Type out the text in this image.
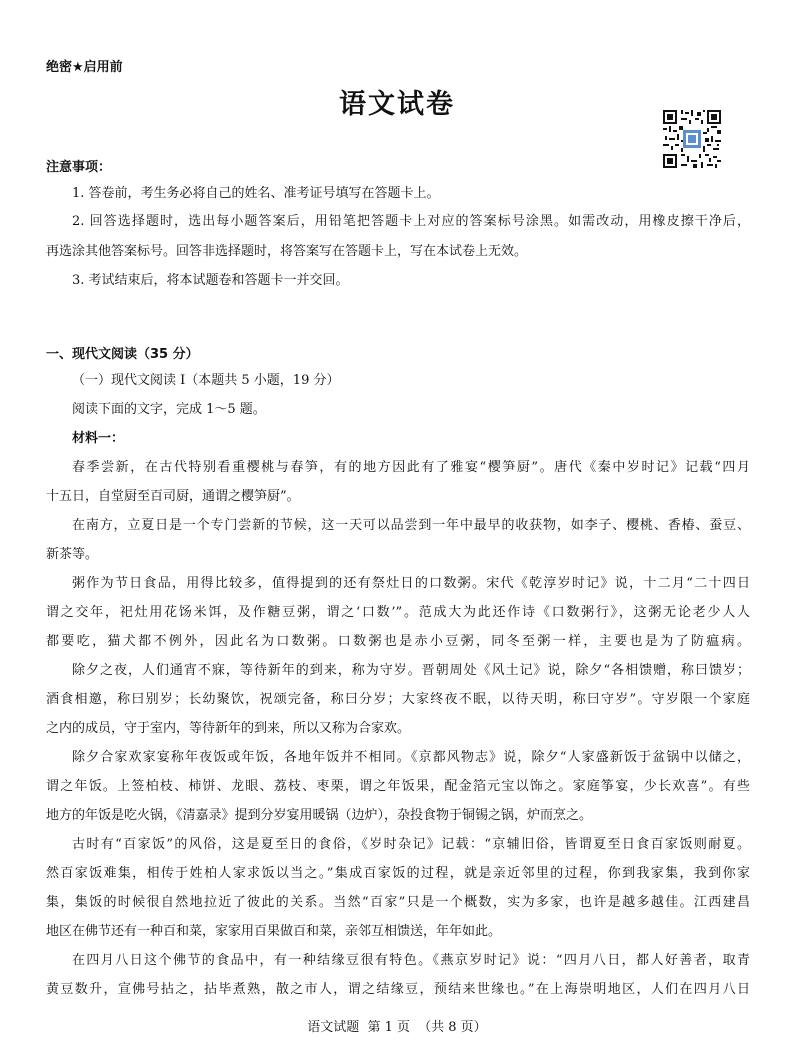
绝密★启用前
语文试卷
注意事项：
1. 答卷前，考生务必将自己的姓名、准考证号填写在答题卡上。
2. 回答选择题时，选出每小题答案后，用铅笔把答题卡上对应的答案标号涂黑。如需改动，用橡皮擦干净后，
再选涂其他答案标号。回答非选择题时，将答案写在答题卡上，写在本试卷上无效。
3. 考试结束后，将本试题卷和答题卡一并交回。
一、现代文阅读（35 分）
（一）现代文阅读 Ⅰ（本题共 5 小题，19 分）
阅读下面的文字，完成 1～5 题。
材料一：
春季尝新，在古代特别看重樱桃与春笋，有的地方因此有了雅宴“樱笋厨”。唐代《秦中岁时记》记载“四月
十五日，自堂厨至百司厨，通谓之樱笋厨”。
在南方，立夏日是一个专门尝新的节候，这一天可以品尝到一年中最早的收获物，如李子、樱桃、香椿、蚕豆、
新茶等。
粥作为节日食品，用得比较多，值得提到的还有祭灶日的口数粥。宋代《乾淳岁时记》说，十二月“二十四日
谓之交年，祀灶用花饧米饵，及作糖豆粥，谓之‘口数’”。范成大为此还作诗《口数粥行》，这粥无论老少人人
都要吃，猫犬都不例外，因此名为口数粥。口数粥也是赤小豆粥，同冬至粥一样，主要也是为了防瘟病。
除夕之夜，人们通宵不寐，等待新年的到来，称为守岁。晋朝周处《风土记》说，除夕“各相馈赠，称曰馈岁；
酒食相邀，称曰别岁；长幼聚饮，祝颂完备，称曰分岁；大家终夜不眠，以待天明，称曰守岁”。守岁限一个家庭
之内的成员，守于室内，等待新年的到来，所以又称为合家欢。
除夕合家欢家宴称年夜饭或年饭，各地年饭并不相同。《京都风物志》说，除夕“人家盛新饭于盆锅中以储之，
谓之年饭。上签柏枝、柿饼、龙眼、荔枝、枣栗，谓之年饭果，配金箔元宝以饰之。家庭筝宴，少长欢喜”。有些
地方的年饭是吃火锅，《清嘉录》提到分岁宴用暖锅（边炉），杂投食物于铜锡之锅，炉而烹之。
古时有“百家饭”的风俗，这是夏至日的食俗，《岁时杂记》记载：“京辅旧俗，皆谓夏至日食百家饭则耐夏。
然百家饭难集，相传于姓柏人家求饭以当之。”集成百家饭的过程，就是亲近邻里的过程，你到我家集，我到你家
集，集饭的时候很自然地拉近了彼此的关系。当然“百家”只是一个概数，实为多家，也许是越多越佳。江西建昌
地区在佛节还有一种百和菜，家家用百果做百和菜，亲邻互相馈送，年年如此。
在四月八日这个佛节的食品中，有一种结缘豆很有特色。《燕京岁时记》说：“四月八日，都人好善者，取青
黄豆数升，宣佛号拈之，拈毕煮熟，散之市人，谓之结缘豆，预结来世缘也。”在上海崇明地区，人们在四月八日
语文试题 第 1 页 （共 8 页）
